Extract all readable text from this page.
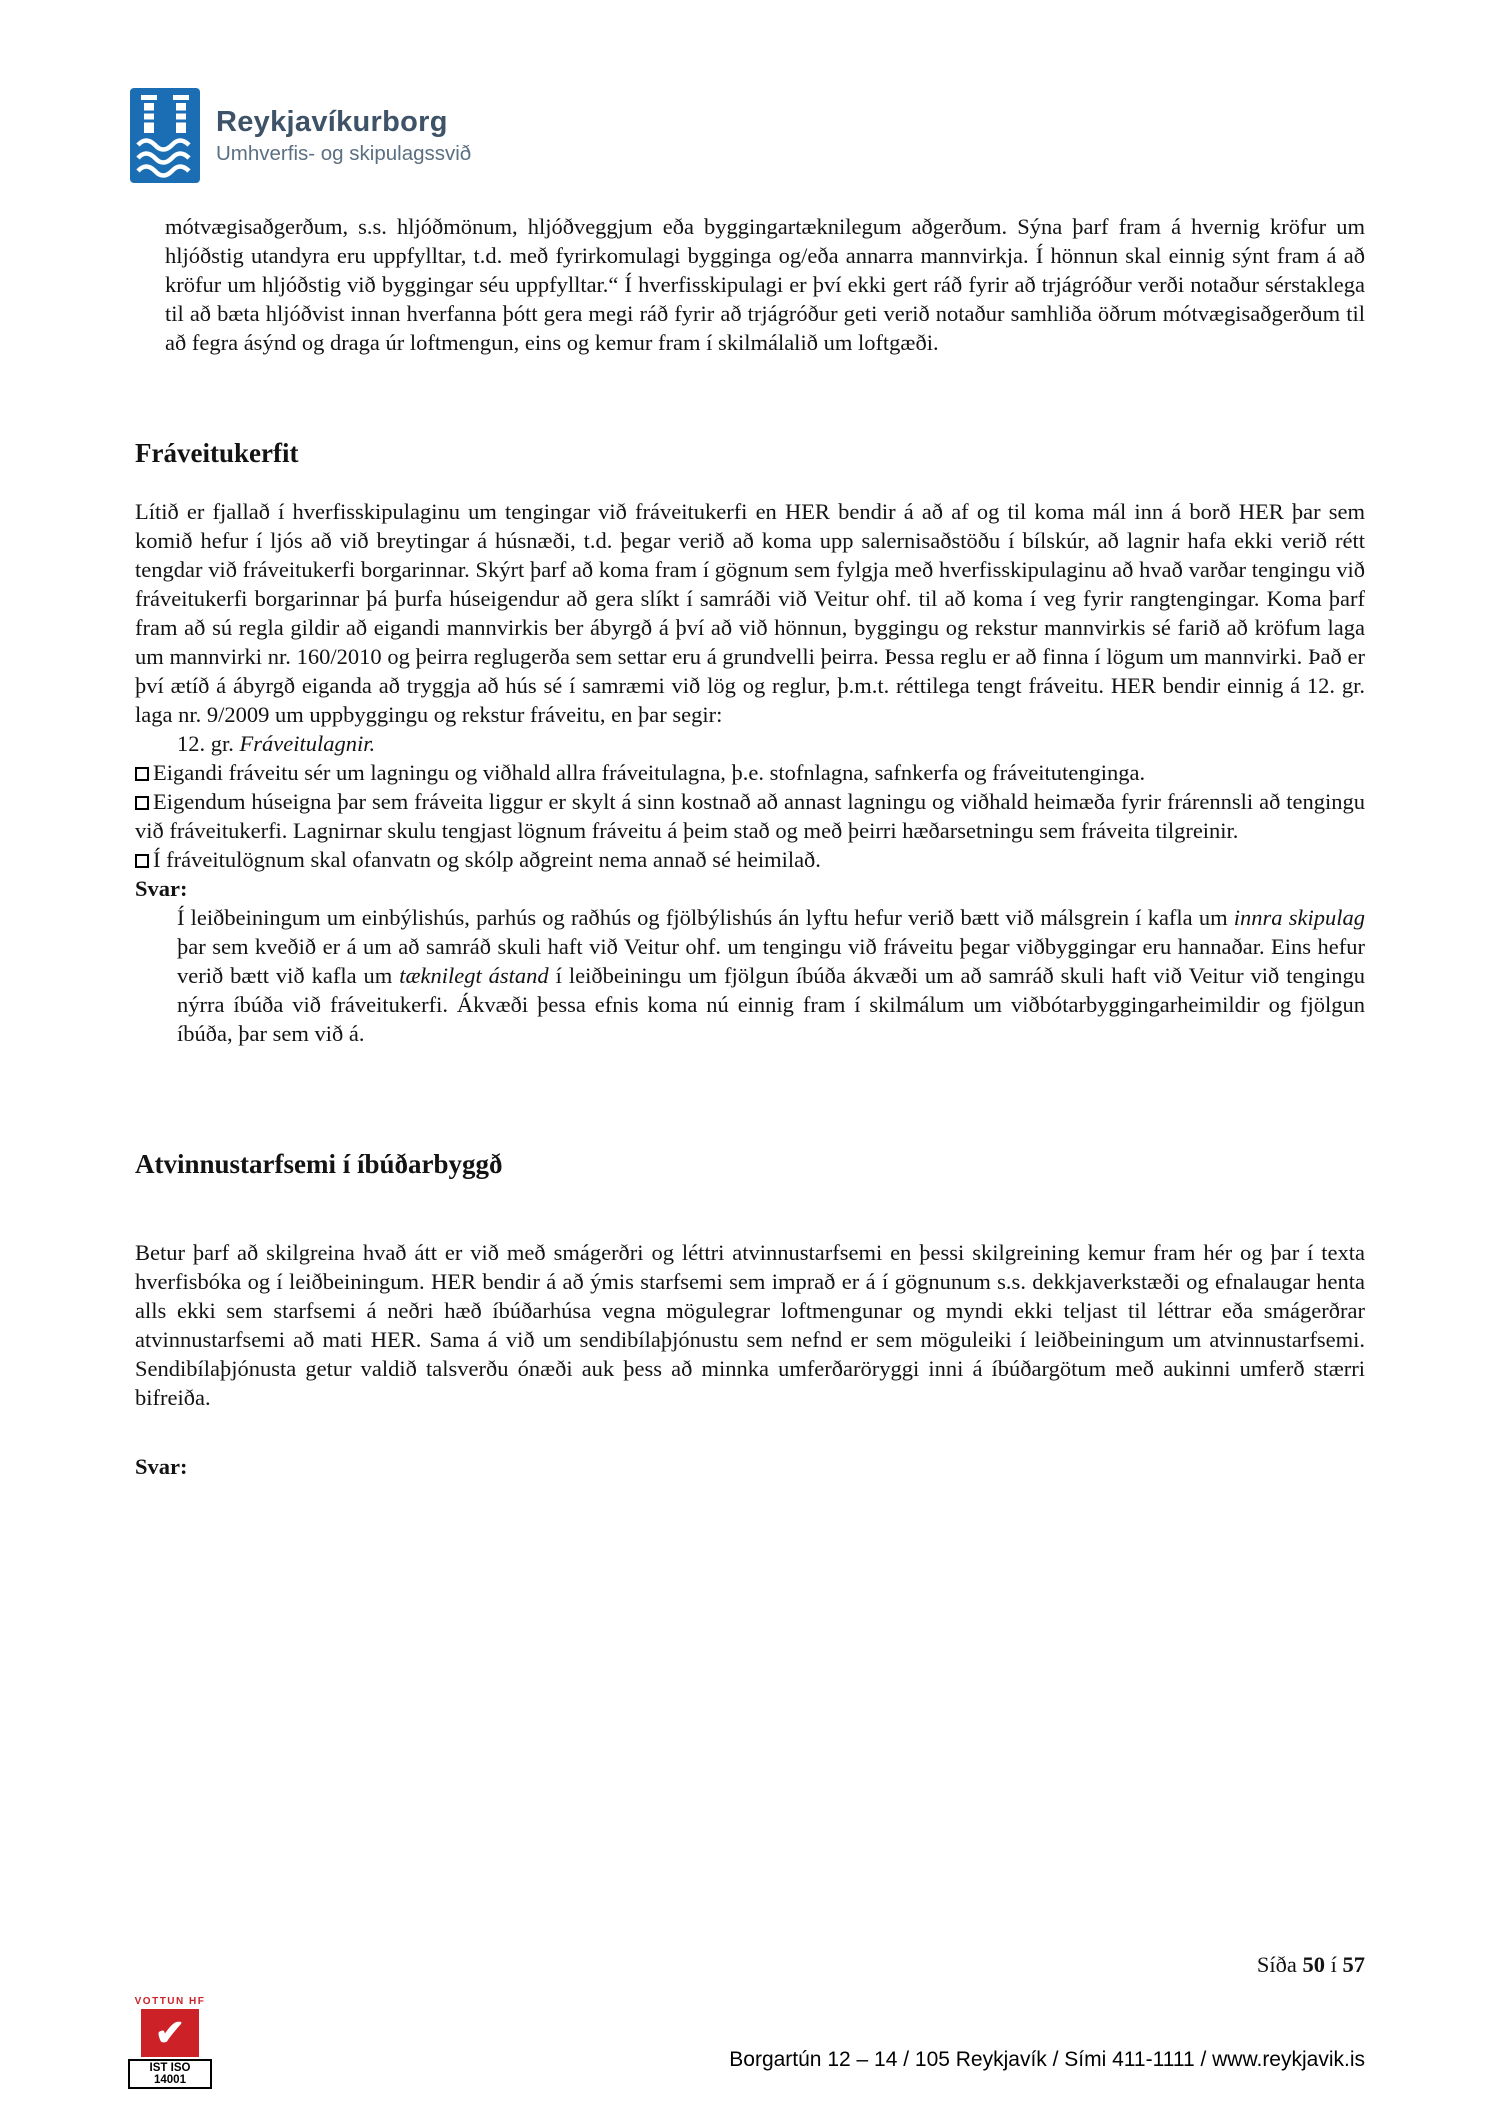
Reykjavíkurborg
Umhverfis- og skipulagssvið

mótvægisaðgerðum, s.s. hljóðmönum, hljóðveggjum eða byggingartæknilegum aðgerðum. Sýna þarf fram á hvernig kröfur um hljóðstig utandyra eru uppfylltar, t.d. með fyrirkomulagi bygginga og/eða annarra mannvirkja. Í hönnun skal einnig sýnt fram á að kröfur um hljóðstig við byggingar séu uppfylltar.“ Í hverfisskipulagi er því ekki gert ráð fyrir að trjágróður verði notaður sérstaklega til að bæta hljóðvist innan hverfanna þótt gera megi ráð fyrir að trjágróður geti verið notaður samhliða öðrum mótvægisaðgerðum til að fegra ásýnd og draga úr loftmengun, eins og kemur fram í skilmálalið um loftgæði.

Fráveitukerfit

Lítið er fjallað í hverfisskipulaginu um tengingar við fráveitukerfi en HER bendir á að af og til koma mál inn á borð HER þar sem komið hefur í ljós að við breytingar á húsnæði, t.d. þegar verið að koma upp salernisaðstöðu í bílskúr, að lagnir hafa ekki verið rétt tengdar við fráveitukerfi borgarinnar. Skýrt þarf að koma fram í gögnum sem fylgja með hverfisskipulaginu að hvað varðar tengingu við fráveitukerfi borgarinnar þá þurfa húseigendur að gera slíkt í samráði við Veitur ohf. til að koma í veg fyrir rangtengingar. Koma þarf fram að sú regla gildir að eigandi mannvirkis ber ábyrgð á því að við hönnun, byggingu og rekstur mannvirkis sé farið að kröfum laga um mannvirki nr. 160/2010 og þeirra reglugerða sem settar eru á grundvelli þeirra. Þessa reglu er að finna í lögum um mannvirki. Það er því ætíð á ábyrgð eiganda að tryggja að hús sé í samræmi við lög og reglur, þ.m.t. réttilega tengt fráveitu. HER bendir einnig á 12. gr. laga nr. 9/2009 um uppbyggingu og rekstur fráveitu, en þar segir:

12. gr. Fráveitulagnir.

Eigandi fráveitu sér um lagningu og viðhald allra fráveitulagna, þ.e. stofnlagna, safnkerfa og fráveitutenginga.

Eigendum húseigna þar sem fráveita liggur er skylt á sinn kostnað að annast lagningu og viðhald heimæða fyrir frárennsli að tengingu við fráveitukerfi. Lagnirnar skulu tengjast lögnum fráveitu á þeim stað og með þeirri hæðarsetningu sem fráveita tilgreinir.

Í fráveitulögnum skal ofanvatn og skólp aðgreint nema annað sé heimilað.

Svar:

Í leiðbeiningum um einbýlishús, parhús og raðhús og fjölbýlishús án lyftu hefur verið bætt við málsgrein í kafla um innra skipulag þar sem kveðið er á um að samráð skuli haft við Veitur ohf. um tengingu við fráveitu þegar viðbyggingar eru hannaðar. Eins hefur verið bætt við kafla um tæknilegt ástand í leiðbeiningu um fjölgun íbúða ákvæði um að samráð skuli haft við Veitur við tengingu nýrra íbúða við fráveitukerfi. Ákvæði þessa efnis koma nú einnig fram í skilmálum um viðbótarbyggingarheimildir og fjölgun íbúða, þar sem við á.

Atvinnustarfsemi í íbúðarbyggð

Betur þarf að skilgreina hvað átt er við með smágerðri og léttri atvinnustarfsemi en þessi skilgreining kemur fram hér og þar í texta hverfisbóka og í leiðbeiningum. HER bendir á að ýmis starfsemi sem imprað er á í gögnunum s.s. dekkjaverkstæði og efnalaugar henta alls ekki sem starfsemi á neðri hæð íbúðarhúsa vegna mögulegrar loftmengunar og myndi ekki teljast til léttrar eða smágerðrar atvinnustarfsemi að mati HER. Sama á við um sendibílaþjónustu sem nefnd er sem möguleiki í leiðbeiningum um atvinnustarfsemi. Sendibílaþjónusta getur valdið talsverðu ónæði auk þess að minnka umferðaröryggi inni á íbúðargötum með aukinni umferð stærri bifreiða.

Svar:

Síða 50 í 57
VOTTUN HF
✔
IST ISO 14001
Borgartún 12 – 14 / 105 Reykjavík / Sími 411-1111 / www.reykjavik.is
